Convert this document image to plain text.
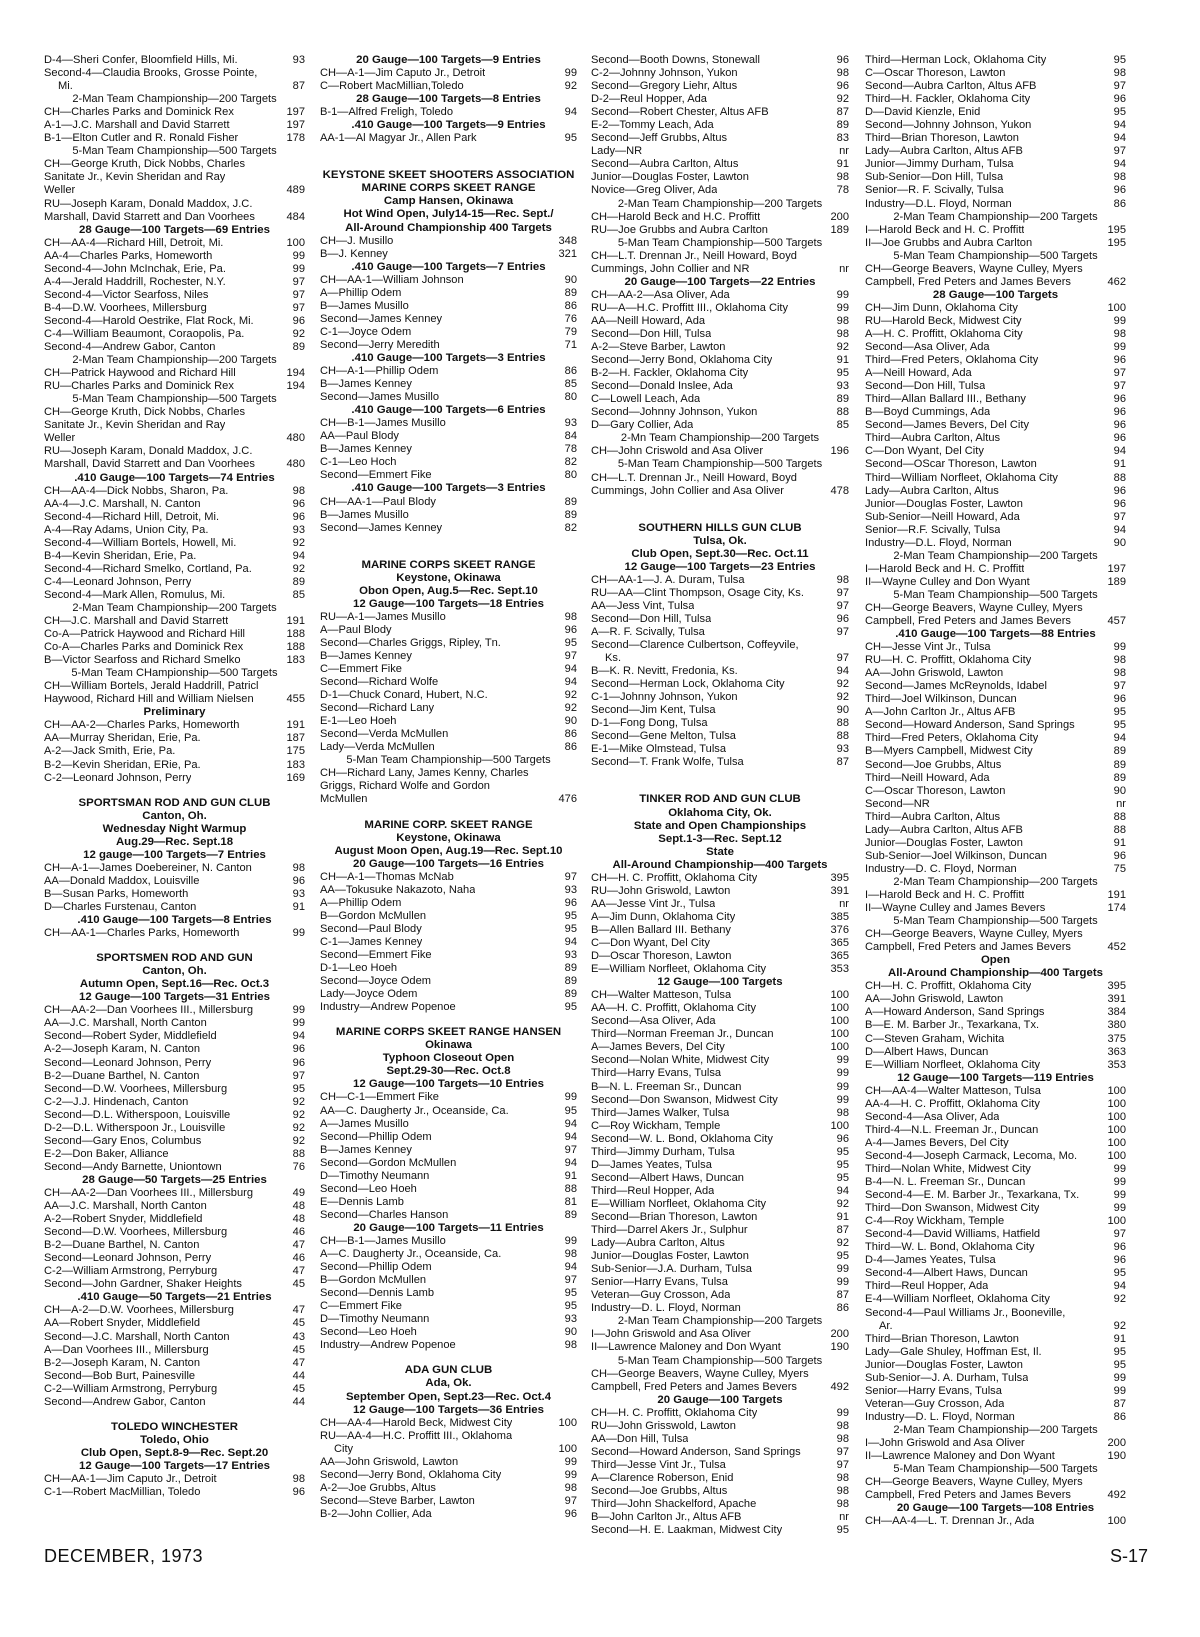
D-4—Sheri Confer, Bloomfield Hills, Mi.	93
Second-4—Claudia Brooks, Grosse Pointe,
Mi.	87
2-Man Team Championship—200 Targets
CH—Charles Parks and Dominick Rex	197
A-1—J.C. Marshall and David Starrett	197
B-1—Elton Cutler and R. Ronald Fisher	178
5-Man Team Championship—500 Targets
CH—George Kruth, Dick Nobbs, Charles
Sanitate Jr., Kevin Sheridan and Ray
Weller	489
RU—Joseph Karam, Donald Maddox, J.C.
Marshall, David Starrett and Dan Voorhees	484
28 Gauge—100 Targets—69 Entries
CH—AA-4—Richard Hill, Detroit, Mi.	100
AA-4—Charles Parks, Homeworth	99
Second-4—John McInchak, Erie, Pa.	99
A-4—Jerald Haddrill, Rochester, N.Y.	97
Second-4—Victor Searfoss, Niles	97
B-4—D.W. Voorhees, Millersburg	97
Second-4—Harold Oestrike, Flat Rock, Mi.	96
C-4—William Beaumont, Coraopolis, Pa.	92
Second-4—Andrew Gabor, Canton	89
2-Man Team Championship—200 Targets
CH—Patrick Haywood and Richard Hill	194
RU—Charles Parks and Dominick Rex	194
5-Man Team Championship—500 Targets
CH—George Kruth, Dick Nobbs, Charles
Sanitate Jr., Kevin Sheridan and Ray
Weller	480
RU—Joseph Karam, Donald Maddox, J.C.
Marshall, David Starrett and Dan Voorhees	480
.410 Gauge—100 Targets—74 Entries
CH—AA-4—Dick Nobbs, Sharon, Pa.	98
AA-4—J.C. Marshall, N. Canton	96
Second-4—Richard Hill, Detroit, Mi.	96
A-4—Ray Adams, Union City, Pa.	93
Second-4—William Bortels, Howell, Mi.	92
B-4—Kevin Sheridan, Erie, Pa.	94
Second-4—Richard Smelko, Cortland, Pa.	92
C-4—Leonard Johnson, Perry	89
Second-4—Mark Allen, Romulus, Mi.	85
2-Man Team Championship—200 Targets
CH—J.C. Marshall and David Starrett	191
Co-A—Patrick Haywood and Richard Hill	188
Co-A—Charles Parks and Dominick Rex	188
B—Victor Searfoss and Richard Smelko	183
5-Man Team CHampionship—500 Targets
CH—William Bortels, Jerald Haddrill, Patricl
Haywood, Richard Hill and William Nielsen	455
Preliminary
CH—AA-2—Charles Parks, Homeworth	191
AA—Murray Sheridan, Erie, Pa.	187
A-2—Jack Smith, Erie, Pa.	175
B-2—Kevin Sheridan, ERie, Pa.	183
C-2—Leonard Johnson, Perry	169
SPORTSMAN ROD AND GUN CLUB
Canton, Oh.
Wednesday Night Warmup
Aug.29—Rec. Sept.18
12 gauge—100 Targets—7 Entries
CH—A-1—James Doebereiner, N. Canton	98
AA—Donald Maddox, Louisville	96
B—Susan Parks, Homeworth	93
D—Charles Furstenau, Canton	91
.410 Gauge—100 Targets—8 Entries
CH—AA-1—Charles Parks, Homeworth	99
SPORTSMEN ROD AND GUN
Canton, Oh.
Autumn Open, Sept.16—Rec. Oct.3
12 Gauge—100 Targets—31 Entries
CH—AA-2—Dan Voorhees III., Millersburg	99
AA—J.C. Marshall, North Canton	99
Second—Robert Syder, Middlefield	94
A-2—Joseph Karam, N. Canton	96
Second—Leonard Johnson, Perry	96
B-2—Duane Barthel, N. Canton	97
Second—D.W. Voorhees, Millersburg	95
C-2—J.J. Hindenach, Canton	92
Second—D.L. Witherspoon, Louisville	92
D-2—D.L. Witherspoon Jr., Louisville	92
Second—Gary Enos, Columbus	92
E-2—Don Baker, Alliance	88
Second—Andy Barnette, Uniontown	76
28 Gauge—50 Targets—25 Entries
CH—AA-2—Dan Voorhees III., Millersburg	49
AA—J.C. Marshall, North Canton	48
A-2—Robert Snyder, Middlefield	48
Second—D.W. Voorhees, Millersburg	46
B-2—Duane Barthel, N. Canton	47
Second—Leonard Johnson, Perry	46
C-2—William Armstrong, Perryburg	47
Second—John Gardner, Shaker Heights	45
.410 Gauge—50 Targets—21 Entries
CH—A-2—D.W. Voorhees, Millersburg	47
AA—Robert Snyder, Middlefield	45
Second—J.C. Marshall, North Canton	43
A—Dan Voorhees III., Millersburg	45
B-2—Joseph Karam, N. Canton	47
Second—Bob Burt, Painesville	44
C-2—William Armstrong, Perryburg	45
Second—Andrew Gabor, Canton	44
TOLEDO WINCHESTER
Toledo, Ohio
Club Open, Sept.8-9—Rec. Sept.20
12 Gauge—100 Targets—17 Entries
CH—AA-1—Jim Caputo Jr., Detroit	98
C-1—Robert MacMillian, Toledo	96
20 Gauge—100 Targets—9 Entries
CH—A-1—Jim Caputo Jr., Detroit	99
C—Robert MacMillian,Toledo	92
28 Gauge—100 Targets—8 Entries
B-1—Alfred Freligh, Toledo	94
.410 Gauge—100 Targets—9 Entries
AA-1—Al Magyar Jr., Allen Park	95
KEYSTONE SKEET SHOOTERS ASSOCIATION
MARINE CORPS SKEET RANGE
Camp Hansen, Okinawa
Hot Wind Open, July14-15—Rec. Sept./
All-Around Championship 400 Targets
CH—J. Musillo	348
B—J. Kenney	321
.410 Gauge—100 Targets—7 Entries
CH—AA-1—William Johnson	90
A—Phillip Odem	89
B—James Musillo	86
Second—James Kenney	76
C-1—Joyce Odem	79
Second—Jerry Meredith	71
.410 Gauge—100 Targets—3 Entries
CH—A-1—Phillip Odem	86
B—James Kenney	85
Second—James Musillo	80
.410 Gauge—100 Targets—6 Entries
CH—B-1—James Musillo	93
AA—Paul Blody	84
B—James Kenney	78
C-1—Leo Hoch	82
Second—Emmert Fike	80
.410 Gauge—100 Targets—3 Entries
CH—AA-1—Paul Blody	89
B—James Musillo	89
Second—James Kenney	82
MARINE CORPS SKEET RANGE
Keystone, Okinawa
Obon Open, Aug.5—Rec. Sept.10
12 Gauge—100 Targets—18 Entries
RU—A-1—James Musillo	98
A—Paul Blody	96
Second—Charles Griggs, Ripley, Tn.	95
B—James Kenney	97
C—Emmert Fike	94
Second—Richard Wolfe	94
D-1—Chuck Conard, Hubert, N.C.	92
Second—Richard Lany	92
E-1—Leo Hoeh	90
Second—Verda McMullen	86
Lady—Verda McMullen	86
5-Man Team Championship—500 Targets
CH—Richard Lany, James Kenny, Charles
Griggs, Richard Wolfe and Gordon
McMullen	476
MARINE CORP. SKEET RANGE
Keystone, Okinawa
August Moon Open, Aug.19—Rec. Sept.10
20 Gauge—100 Targets—16 Entries
CH—A-1—Thomas McNab	97
AA—Tokusuke Nakazoto, Naha	93
A—Phillip Odem	96
B—Gordon McMullen	95
Second—Paul Blody	95
C-1—James Kenney	94
Second—Emmert Fike	93
D-1—Leo Hoeh	89
Second—Joyce Odem	89
Lady—Joyce Odem	89
Industry—Andrew Popenoe	95
MARINE CORPS SKEET RANGE HANSEN
Okinawa
Typhoon Closeout Open
Sept.29-30—Rec. Oct.8
12 Gauge—100 Targets—10 Entries
CH—C-1—Emmert Fike	99
AA—C. Daugherty Jr., Oceanside, Ca.	95
A—James Musillo	94
Second—Phillip Odem	94
B—James Kenney	97
Second—Gordon McMullen	94
D—Timothy Neumann	91
Second—Leo Hoeh	88
E—Dennis Lamb	81
Second—Charles Hanson	89
20 Gauge—100 Targets—11 Entries
CH—B-1—James Musillo	99
A—C. Daugherty Jr., Oceanside, Ca.	98
Second—Phillip Odem	94
B—Gordon McMullen	97
Second—Dennis Lamb	95
C—Emmert Fike	95
D—Timothy Neumann	93
Second—Leo Hoeh	90
Industry—Andrew Popenoe	98
ADA GUN CLUB
Ada, Ok.
September Open, Sept.23—Rec. Oct.4
12 Gauge—100 Targets—36 Entries
CH—AA-4—Harold Beck, Midwest City	100
RU—AA-4—H.C. Proffitt III., Oklahoma
City	100
AA—John Griswold, Lawton	99
Second—Jerry Bond, Oklahoma City	99
A-2—Joe Grubbs, Altus	98
Second—Steve Barber, Lawton	97
B-2—John Collier, Ada	96
Second—Booth Downs, Stonewall	96
C-2—Johnny Johnson, Yukon	98
Second—Gregory Liehr, Altus	96
D-2—Reul Hopper, Ada	92
Second—Robert Chester, Altus AFB	87
E-2—Tommy Leach, Ada	89
Second—Jeff Grubbs, Altus	83
Lady—NR	nr
Second—Aubra Carlton, Altus	91
Junior—Douglas Foster, Lawton	98
Novice—Greg Oliver, Ada	78
2-Man Team Championship—200 Targets
CH—Harold Beck and H.C. Proffitt	200
RU—Joe Grubbs and Aubra Carlton	189
5-Man Team Championship—500 Targets
CH—L.T. Drennan Jr., Neill Howard, Boyd
Cummings, John Collier and NR	nr
20 Gauge—100 Targets—22 Entries
CH—AA-2—Asa Oliver, Ada	99
RU—A—H.C. Proffitt III., Oklahoma City	99
AA—Neill Howard, Ada	98
Second—Don Hill, Tulsa	98
A-2—Steve Barber, Lawton	92
Second—Jerry Bond, Oklahoma City	91
B-2—H. Fackler, Oklahoma City	95
Second—Donald Inslee, Ada	93
C—Lowell Leach, Ada	89
Second—Johnny Johnson, Yukon	88
D—Gary Collier, Ada	85
2-Mn Team Championship—200 Targets
CH—John Criswold and Asa Oliver	196
5-Man Team Championship—500 Targets
CH—L.T. Drennan Jr., Neill Howard, Boyd
Cummings, John Collier and Asa Oliver	478
SOUTHERN HILLS GUN CLUB
Tulsa, Ok.
Club Open, Sept.30—Rec. Oct.11
12 Gauge—100 Targets—23 Entries
CH—AA-1—J. A. Duram, Tulsa	98
RU—AA—Clint Thompson, Osage City, Ks.	97
AA—Jess Vint, Tulsa	97
Second—Don Hill, Tulsa	96
A—R. F. Scivally, Tulsa	97
Second—Clarence Culbertson, Coffeyvile,
Ks.	97
B—K. R. Nevitt, Fredonia, Ks.	94
Second—Herman Lock, Oklahoma City	92
C-1—Johnny Johnson, Yukon	92
Second—Jim Kent, Tulsa	90
D-1—Fong Dong, Tulsa	88
Second—Gene Melton, Tulsa	88
E-1—Mike Olmstead, Tulsa	93
Second—T. Frank Wolfe, Tulsa	87
TINKER ROD AND GUN CLUB
Oklahoma City, Ok.
State and Open Championships
Sept.1-3—Rec. Sept.12
State
All-Around Championship—400 Targets
CH—H. C. Proffitt, Oklahoma City	395
RU—John Griswold, Lawton	391
AA—Jesse Vint Jr., Tulsa	nr
A—Jim Dunn, Oklahoma City	385
B—Allen Ballard III. Bethany	376
C—Don Wyant, Del City	365
D—Oscar Thoreson, Lawton	365
E—William Norfleet, Oklahoma City	353
12 Gauge—100 Targets
CH—Walter Matteson, Tulsa	100
AA—H. C. Proffitt, Oklahoma City	100
Second—Asa Oliver, Ada	100
Third—Norman Freeman Jr., Duncan	100
A—James Bevers, Del City	100
Second—Nolan White, Midwest City	99
Third—Harry Evans, Tulsa	99
B—N. L. Freeman Sr., Duncan	99
Second—Don Swanson, Midwest City	99
Third—James Walker, Tulsa	98
C—Roy Wickham, Temple	100
Second—W. L. Bond, Oklahoma City	96
Third—Jimmy Durham, Tulsa	95
D—James Yeates, Tulsa	95
Second—Albert Haws, Duncan	95
Third—Reul Hopper, Ada	94
E—William Norfleet, Oklahoma City	92
Second—Brian Thoreson, Lawton	91
Third—Darrel Akers Jr., Sulphur	87
Lady—Aubra Carlton, Altus	92
Junior—Douglas Foster, Lawton	95
Sub-Senior—J.A. Durham, Tulsa	99
Senior—Harry Evans, Tulsa	99
Veteran—Guy Crosson, Ada	87
Industry—D. L. Floyd, Norman	86
2-Man Team Championship—200 Targets
I—John Griswold and Asa Oliver	200
II—Lawrence Maloney and Don Wyant	190
5-Man Team Championship—500 Targets
CH—George Beavers, Wayne Culley, Myers
Campbell, Fred Peters and James Bevers	492
20 Gauge—100 Targets
CH—H. C. Proffitt, Oklahoma City	99
RU—John Grisswold, Lawton	98
AA—Don Hill, Tulsa	98
Second—Howard Anderson, Sand Springs	97
Third—Jesse Vint Jr., Tulsa	97
A—Clarence Roberson, Enid	98
Second—Joe Grubbs, Altus	98
Third—John Shackelford, Apache	98
B—John Carlton Jr., Altus AFB	nr
Second—H. E. Laakman, Midwest City	95
Third—Herman Lock, Oklahoma City	95
C—Oscar Thoreson, Lawton	98
Second—Aubra Carlton, Altus AFB	97
Third—H. Fackler, Oklahoma City	96
D—David Kienzle, Enid	95
Second—Johnny Johnson, Yukon	94
Third—Brian Thoreson, Lawton	94
Lady—Aubra Carlton, Altus AFB	97
Junior—Jimmy Durham, Tulsa	94
Sub-Senior—Don Hill, Tulsa	98
Senior—R. F. Scivally, Tulsa	96
Industry—D.L. Floyd, Norman	86
2-Man Team Championship—200 Targets
I—Harold Beck and H. C. Proffitt	195
II—Joe Grubbs and Aubra Carlton	195
5-Man Team Championship—500 Targets
CH—George Beavers, Wayne Culley, Myers
Campbell, Fred Peters and James Bevers	462
28 Gauge—100 Targets
CH—Jim Dunn, Oklahoma City	100
RU—Harold Beck, Midwest City	99
A—H. C. Proffitt, Oklahoma City	98
Second—Asa Oliver, Ada	99
Third—Fred Peters, Oklahoma City	96
A—Neill Howard, Ada	97
Second—Don Hill, Tulsa	97
Third—Allan Ballard III., Bethany	96
B—Boyd Cummings, Ada	96
Second—James Bevers, Del City	96
Third—Aubra Carlton, Altus	96
C—Don Wyant, Del City	94
Second—OScar Thoreson, Lawton	91
Third—William Norfleet, Oklahoma City	88
Lady—Aubra Carlton, Altus	96
Junior—Douglas Foster, Lawton	96
Sub-Senior—Neill Howard, Ada	97
Senior—R.F. Scivally, Tulsa	94
Industry—D.L. Floyd, Norman	90
2-Man Team Championship—200 Targets
I—Harold Beck and H. C. Proffitt	197
II—Wayne Culley and Don Wyant	189
5-Man Team Championship—500 Targets
CH—George Beavers, Wayne Culley, Myers
Campbell, Fred Peters and James Bevers	457
.410 Gauge—100 Targets—88 Entries
CH—Jesse Vint Jr., Tulsa	99
RU—H. C. Proffitt, Oklahoma City	98
AA—John Griswold, Lawton	98
Second—James McReynolds, Idabel	97
Third—Joel Wilkinson, Duncan	96
A—John Carlton Jr., Altus AFB	95
Second—Howard Anderson, Sand Springs	95
Third—Fred Peters, Oklahoma City	94
B—Myers Campbell, Midwest City	89
Second—Joe Grubbs, Altus	89
Third—Neill Howard, Ada	89
C—Oscar Thoreson, Lawton	90
Second—NR	nr
Third—Aubra Carlton, Altus	88
Lady—Aubra Carlton, Altus AFB	88
Junior—Douglas Foster, Lawton	91
Sub-Senior—Joel Wilkinson, Duncan	96
Industry—D. C. Floyd, Norman	75
2-Man Team Championship—200 Targets
I—Harold Beck and H. C. Proffitt	191
II—Wayne Culley and James Bevers	174
5-Man Team Championship—500 Targets
CH—George Beavers, Wayne Culley, Myers
Campbell, Fred Peters and James Bevers	452
Open
All-Around Championship—400 Targets
CH—H. C. Proffitt, Oklahoma City	395
AA—John Griswold, Lawton	391
A—Howard Anderson, Sand Springs	384
B—E. M. Barber Jr., Texarkana, Tx.	380
C—Steven Graham, Wichita	375
D—Albert Haws, Duncan	363
E—William Norfleet, Oklahoma City	353
12 Gauge—100 Targets—119 Entries
CH—AA-4—Walter Matteson, Tulsa	100
AA-4—H. C. Proffitt, Oklahoma City	100
Second-4—Asa Oliver, Ada	100
Third-4—N.L. Freeman Jr., Duncan	100
A-4—James Bevers, Del City	100
Second-4—Joseph Carmack, Lecoma, Mo.	100
Third—Nolan White, Midwest City	99
B-4—N. L. Freeman Sr., Duncan	99
Second-4—E. M. Barber Jr., Texarkana, Tx.	99
Third—Don Swanson, Midwest City	99
C-4—Roy Wickham, Temple	100
Second-4—David Williams, Hatfield	97
Third—W. L. Bond, Oklahoma City	96
D-4—James Yeates, Tulsa	96
Second-4—Albert Haws, Duncan	95
Third—Reul Hopper, Ada	94
E-4—William Norfleet, Oklahoma City	92
Second-4—Paul Williams Jr., Booneville,
Ar.	92
Third—Brian Thoreson, Lawton	91
Lady—Gale Shuley, Hoffman Est, Il.	95
Junior—Douglas Foster, Lawton	95
Sub-Senior—J. A. Durham, Tulsa	99
Senior—Harry Evans, Tulsa	99
Veteran—Guy Crosson, Ada	87
Industry—D. L. Floyd, Norman	86
2-Man Team Championship—200 Targets
I—John Griswold and Asa Oliver	200
II—Lawrence Maloney and Don Wyant	190
5-Man Team Championship—500 Targets
CH—George Beavers, Wayne Culley, Myers
Campbell, Fred Peters and James Bevers	492
20 Gauge—100 Targets—108 Entries
CH—AA-4—L. T. Drennan Jr., Ada	100
DECEMBER, 1973	S-17
